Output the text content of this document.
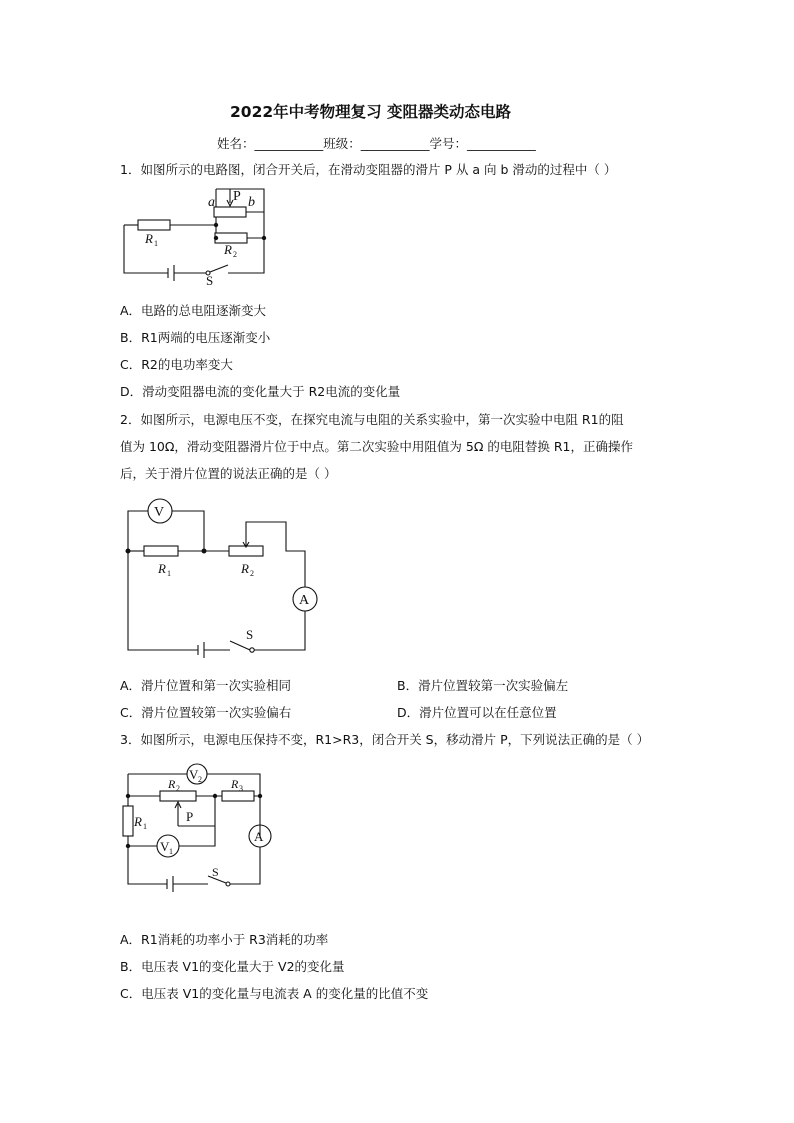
2022年中考物理复习 变阻器类动态电路
姓名：___________班级：___________学号：___________
1．如图所示的电路图，闭合开关后，在滑动变阻器的滑片 P 从 a 向 b 滑动的过程中（ ）
a P b
R 1	R 2
S
A．电路的总电阻逐渐变大
B．R1两端的电压逐渐变小
C．R2的电功率变大
D．滑动变阻器电流的变化量大于 R2电流的变化量
2．如图所示，电源电压不变，在探究电流与电阻的关系实验中，第一次实验中电阻 R1的阻
值为 10Ω，滑动变阻器滑片位于中点。第二次实验中用阻值为 5Ω 的电阻替换 R1，正确操作
后，关于滑片位置的说法正确的是（ ）
V
A
R 1	R 2
S
A．滑片位置和第一次实验相同	B．滑片位置较第一次实验偏左
C．滑片位置较第一次实验偏右	D．滑片位置可以在任意位置
3．如图所示，电源电压保持不变，R1>R3，闭合开关 S，移动滑片 P，下列说法正确的是（ ）
V 2
V 1
A
R 1
R 2	R 3
P
S
A．R1消耗的功率小于 R3消耗的功率
B．电压表 V1的变化量大于 V2的变化量
C．电压表 V1的变化量与电流表 A 的变化量的比值不变
